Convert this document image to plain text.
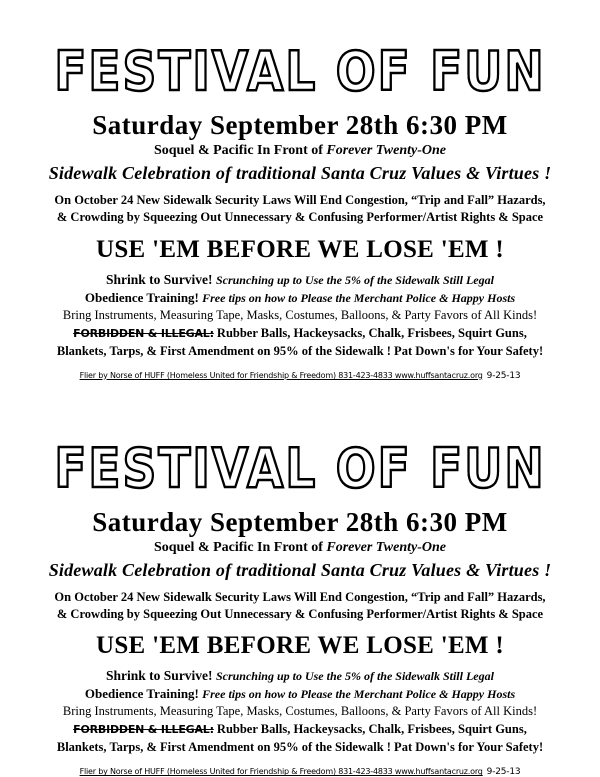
FESTIVAL OF FUN
Saturday September 28th 6:30 PM
Soquel & Pacific In Front of Forever Twenty-One
Sidewalk Celebration of traditional Santa Cruz Values & Virtues !
On October 24 New Sidewalk Security Laws Will End Congestion, “Trip and Fall” Hazards,
& Crowding by Squeezing Out Unnecessary & Confusing Performer/Artist Rights & Space
USE 'EM BEFORE WE LOSE 'EM !
Shrink to Survive! Scrunching up to Use the 5% of the Sidewalk Still Legal
Obedience Training! Free tips on how to Please the Merchant Police & Happy Hosts
Bring Instruments, Measuring Tape, Masks, Costumes, Balloons, & Party Favors of All Kinds!
FORBIDDEN & ILLEGAL: Rubber Balls, Hackeysacks, Chalk, Frisbees, Squirt Guns,
Blankets, Tarps, & First Amendment on 95% of the Sidewalk ! Pat Down's for Your Safety!
Flier by Norse of HUFF (Homeless United for Friendship & Freedom) 831-423-4833 www.huffsantacruz.org 9-25-13
FESTIVAL OF FUN
Saturday September 28th 6:30 PM
Soquel & Pacific In Front of Forever Twenty-One
Sidewalk Celebration of traditional Santa Cruz Values & Virtues !
On October 24 New Sidewalk Security Laws Will End Congestion, “Trip and Fall” Hazards,
& Crowding by Squeezing Out Unnecessary & Confusing Performer/Artist Rights & Space
USE 'EM BEFORE WE LOSE 'EM !
Shrink to Survive! Scrunching up to Use the 5% of the Sidewalk Still Legal
Obedience Training! Free tips on how to Please the Merchant Police & Happy Hosts
Bring Instruments, Measuring Tape, Masks, Costumes, Balloons, & Party Favors of All Kinds!
FORBIDDEN & ILLEGAL: Rubber Balls, Hackeysacks, Chalk, Frisbees, Squirt Guns,
Blankets, Tarps, & First Amendment on 95% of the Sidewalk ! Pat Down's for Your Safety!
Flier by Norse of HUFF (Homeless United for Friendship & Freedom) 831-423-4833 www.huffsantacruz.org 9-25-13
